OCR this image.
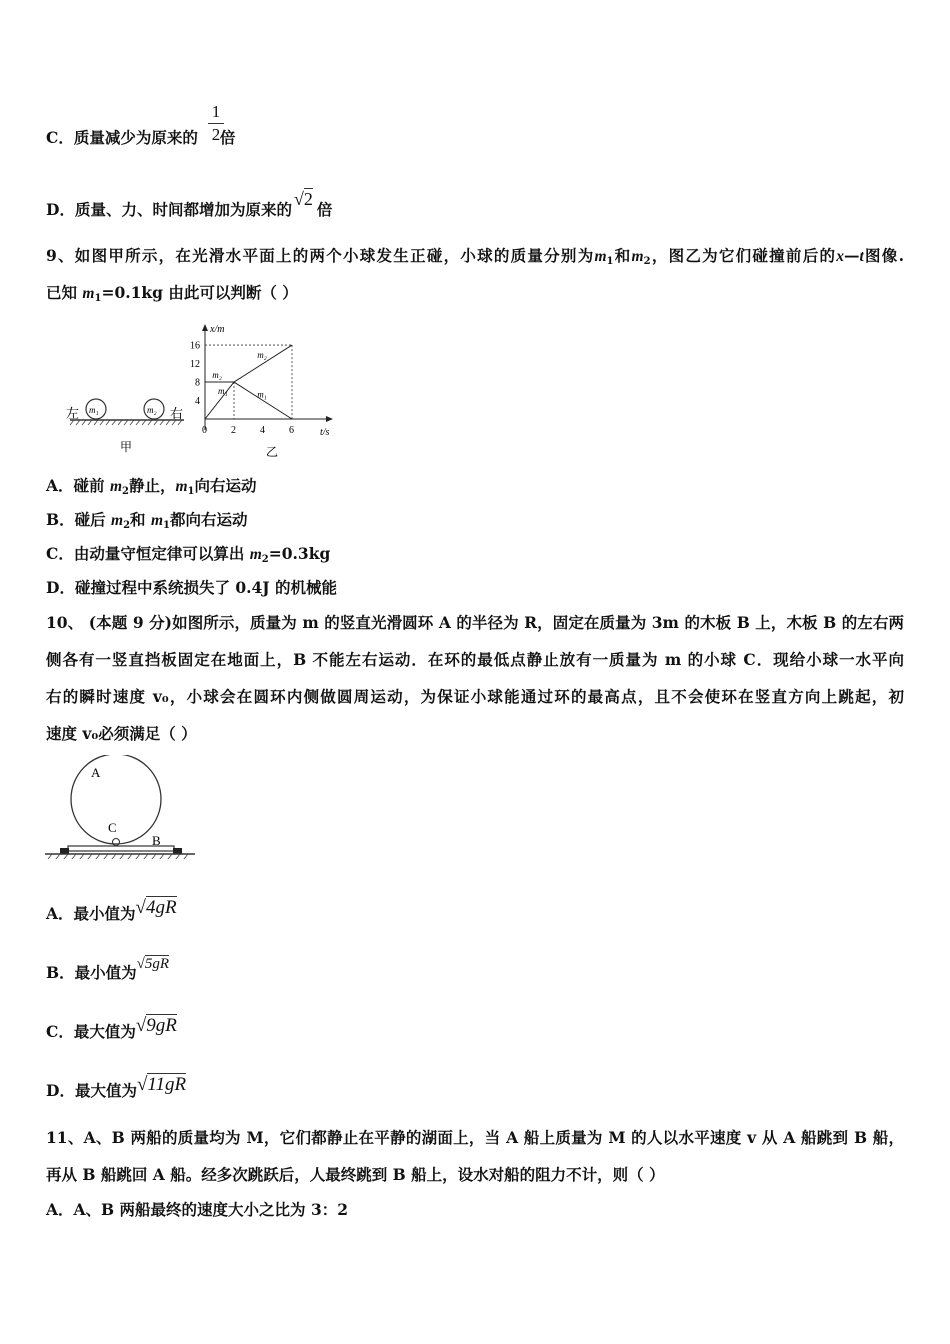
C．质量减少为原来的 倍
1
2
D．质量、力、时间都增加为原来的√2倍
9、如图甲所示，在光滑水平面上的两个小球发生正碰，小球的质量分别为$m_1$和$m_2$，图乙为它们碰撞前后的x—t图像.
已知 $m_1=0.1kg$ 由此可以判断（ ）
左 m₁	m₂ 右
甲
x/m
t/s
乙
4
8
12
16
0 2 4 6
m₁
m₂
m₁
m₂
A．碰前 $m_2$静止，$m_1$向右运动
B．碰后 $m_2$和 $m_1$都向右运动
C．由动量守恒定律可以算出 $m_2=0.3kg$
D．碰撞过程中系统损失了 0.4J 的机械能
10、 (本题 9 分)如图所示，质量为 m 的竖直光滑圆环 A 的半径为 R，固定在质量为 3m 的木板 B 上，木板 B 的左右两
侧各有一竖直挡板固定在地面上，B 不能左右运动．在环的最低点静止放有一质量为 m 的小球 C．现给小球一水平向
右的瞬时速度 v₀，小球会在圆环内侧做圆周运动，为保证小球能通过环的最高点，且不会使环在竖直方向上跳起，初
速度 v₀必须满足（ ）
A
C
B
A．最小值为√4gR
B．最小值为√5gR
C．最大值为√9gR
D．最大值为√11gR
11、A、B 两船的质量均为 M，它们都静止在平静的湖面上，当 A 船上质量为 M 的人以水平速度 v 从 A 船跳到 B 船，
再从 B 船跳回 A 船。经多次跳跃后，人最终跳到 B 船上，设水对船的阻力不计，则（ ）
A．A、B 两船最终的速度大小之比为 3：2
